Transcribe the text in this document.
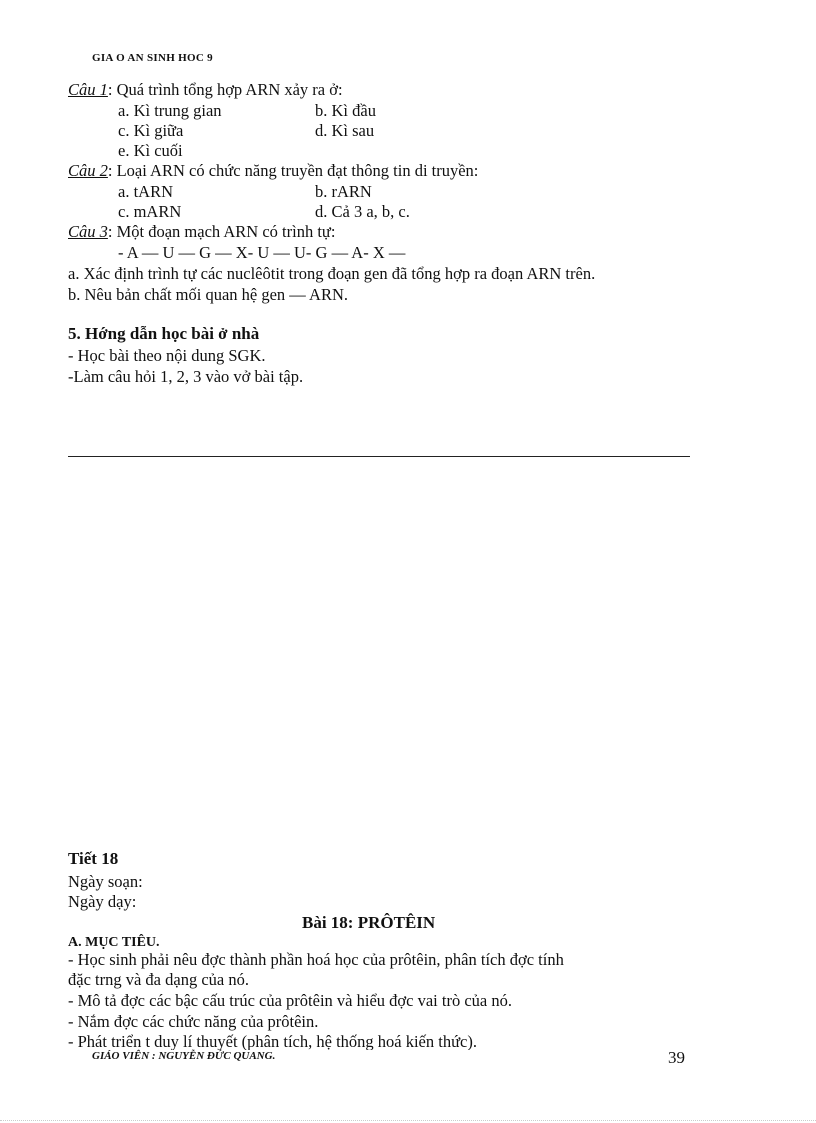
GIA O AN SINH HOC 9
Câu 1: Quá trình tổng hợp ARN xảy ra ở:
a. Kì trung gian	b. Kì đầu
c. Kì giữa	d. Kì sau
e. Kì cuối
Câu 2: Loại ARN có chức năng truyền đạt thông tin di truyền:
a. tARN	b. rARN
c. mARN	d. Cả 3 a, b, c.
Câu 3: Một đoạn mạch ARN có trình tự:
- A — U — G — X- U — U- G — A- X —
a. Xác định trình tự các nuclêôtit trong đoạn gen đã tổng hợp ra đoạn ARN trên.
b. Nêu bản chất mối quan hệ gen — ARN.
5. Hớng dẫn học bài ở nhà
- Học bài theo nội dung SGK.
-Làm câu hỏi 1, 2, 3 vào vở bài tập.
Tiết 18
Ngày soạn:
Ngày dạy:
Bài 18: PRÔTÊIN
A. MỤC TIÊU.
- Học sinh phải nêu đợc thành phần hoá học của prôtêin, phân tích đợc tính
đặc trng và đa dạng của nó.
- Mô tả đợc các bậc cấu trúc của prôtêin và hiểu đợc vai trò của nó.
- Nắm đợc các chức năng của prôtêin.
- Phát triển t duy lí thuyết (phân tích, hệ thống hoá kiến thức).
GIÁO VIÊN : NGUYỄN ĐỨC QUANG.	39
